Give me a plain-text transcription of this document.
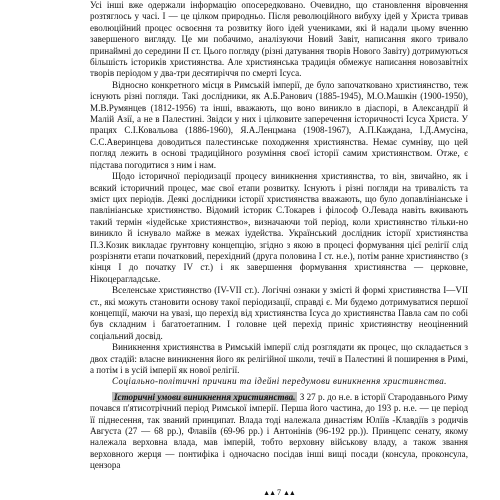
Усі інші вже одержали інформацію опосередковано. Очевидно, що становлення віровчення розтяглось у часі. І — це цілком природньо. Після революційного вибуху ідей у Христа тривав еволюційний процес освоєння та розвитку його ідей учениками, які й надали цьому вченню завершеного вигляду. Це ми побачимо, аналізуючи Новий Завіт, написання якого тривало принаймні до середини II ст. Цього погляду (різні датування творів Нового Завіту) дотримуються більшість істориків християнства. Але християнська традиція обмежує написання новозавітніх творів періодом у два-три десятиріччя по смерті Ісуса.

Відносно конкретного місця в Римській імперії, де було започатковано християнство, теж існують різні погляди. Такі дослідники, як А.Б.Ранович (1885-1945), М.О.Машкін (1900-1950), М.В.Румянцев (1812-1956) та інші, вважають, що воно виникло в діаспорі, в Александрії й Малій Азії, а не в Палестині. Звідси у них і цілковите заперечення історичності Ісуса Христа. У працях С.І.Ковальова (1886-1960), Я.А.Ленцмана (1908-1967), А.П.Каждана, І.Д.Амусіна, С.С.Аверинцева доводиться палестинське походження християнства. Немає сумніву, що цей погляд лежить в основі традиційного розуміння своєї історії самим християнством. Отже, є підстава погодитися з ним і нам.

Щодо історичної періодизації процесу виникнення християнства, то він, звичайно, як і всякий історичний процес, має свої етапи розвитку. Існують і різні погляди на тривалість та зміст цих періодів. Деякі дослідники історії християнства вважають, що було допавлініанське і павлініанське християнство. Відомий історик С.Токарев і філософ О.Левада навіть вживають такий термін «іудейське християнство», визначаючи той період, коли християнство тільки-но виникло й існувало майже в межах іудейства. Український дослідник історії християнства П.З.Козик викладає ґрунтовну концепцію, згідно з якою в процесі формування цієї релігії слід розрізняти етапи початковий, перехідний (друга половина I ст. н.е.), потім ранне християнство (з кінця I до початку IV ст.) і як завершення формування християнства — церковне, Нікоцерагладське.

Вселенське християнство (IV-VII ст.). Логічні ознаки у змісті й формі християнства I—VII ст., які можуть становити основу такої періодизації, справді є. Ми будемо дотримуватися першої концепції, маючи на увазі, що перехід від християнства Ісуса до християнства Павла сам по собі був складним і багатоетапним. І головне цей перехід приніс християнству неоціненний соціальний досвід.

Виникнення християнства в Римській імперії слід розглядати як процес, що складається з двох стадій: власне виникнення його як релігійної школи, течії в Палестині й поширення в Римі, а потім і в усій імперії як нової релігії.

Соціально-політичні причини та ідейні передумови виникнення християнства.

Історичні умови виникнення християнства. З 27 р. до н.е. в історії Стародавнього Риму почався п'ятисотрічний період Римської імперії. Перша його частина, до 193 р. н.е. — це період її піднесення, так званий принципат. Влада тоді належала династіям Юліїв -Клавдіїв з родичів Августа (27 — 68 рр.), Флавіїв (69-96 рр.) і Антонінів (96-192 рр.)). Принцепс сенату, якому належала верховна влада, мав імперій, тобто верховну військову владу, а також звання верховного жерця — понтифіка і одночасно посідав інші вищі посади (консула, проконсула, цензора

▲▲ 7 ▲▲
